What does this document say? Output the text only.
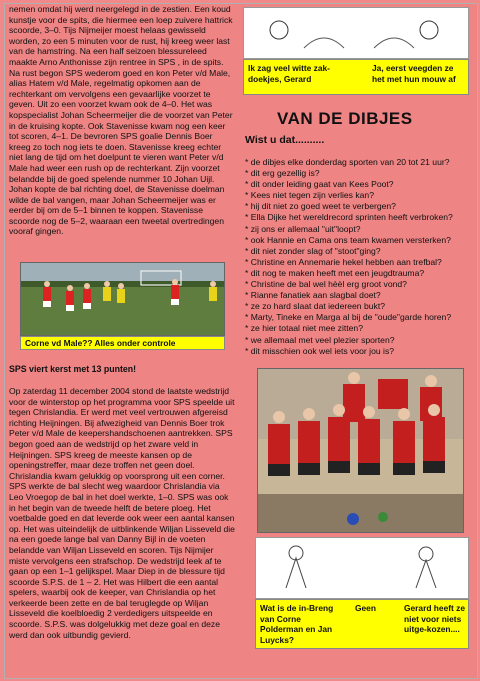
nemen omdat hij werd neergelegd in de zestien. Een koud kunstje voor de spits, die hiermee een loep zuivere hattrick scoorde, 3–0. Tijs Nijmeijer moest helaas gewisseld worden, zo een 5 minuten voor de rust, hij kreeg weer last van de hamstring. Na een half seizoen blessureleed maakte Arno Anthonisse zijn rentree in SPS , in de spits. Na rust begon SPS wederom goed en kon Peter v/d Male, alias Hatem v/d Male, regelmatig opkomen aan de rechterkant om vervolgens een gevaarlijke voorzet te geven. Uit zo een voorzet kwam ook de 4–0. Het was kopspecialist Johan Scheermeijer die de voorzet van Peter in de kruising kopte. Ook Stavenisse kwam nog een keer tot scoren, 4–1. De bevroren SPS goalie Dennis Boer kreeg zo toch nog iets te doen. Stavenisse kreeg echter niet lang de tijd om het doelpunt te vieren want Peter v/d Male had weer een rush op de rechterkant. Zijn voorzet belandde bij de goed spelende nummer 10 Johan Uijl. Johan kopte de bal richting doel, de Stavenisse doelman wilde de bal vangen, maar Johan Scheermeijer was er eerder bij om de 5–1 binnen te koppen. Stavenisse scoorde nog de 5–2, waaraan een tweetal overtredingen vooraf gingen.
Ik zag veel witte zak-doekjes, Gerard
Ja, eerst veegden ze het met hun mouw af
VAN DE DIBJES
Wist u dat..........
* de dibjes elke donderdag sporten van 20 tot 21 uur?
* dit erg gezellig is?
* dit onder leiding gaat van Kees Poot?
* Kees niet tegen zijn verlies kan?
* hij dit niet zo goed weet te verbergen?
* Ella Dijke het wereldrecord sprinten heeft verbroken?
* zij ons er allemaal "uit"loopt?
* ook Hannie en Cama ons team kwamen versterken?
* dit niet zonder slag of "stoot"ging?
* Christine en Annemarie hekel hebben aan trefbal?
* dit nog te maken heeft met een jeugdtrauma?
* Christine de bal wel hèèl erg groot vond?
* Rianne fanatiek aan slagbal doet?
* ze zo hard slaat dat iedereen bukt?
* Marty, Tineke en Marga al bij de "oude"garde horen?
* ze hier totaal niet mee zitten?
* we allemaal met veel plezier sporten?
* dit misschien ook wel iets voor jou is?
Corne vd Male?? Alles onder controle
SPS viert kerst met 13 punten!
Op zaterdag 11 december 2004 stond de laatste wedstrijd voor de winterstop op het programma voor SPS speelde uit tegen Chrislandia. Er werd met veel vertrouwen afgereisd richting Heijningen. Bij afwezigheid van Dennis Boer trok Peter v/d Male de keepershandschoenen aantrekken. SPS begon goed aan de wedstrijd op het zware veld in Heijningen. SPS kreeg de meeste kansen op de openingstreffer, maar deze troffen net geen doel. Chrislandia kwam gelukkig op voorsprong uit een corner. SPS werkte de bal slecht weg waardoor Chrislandia via Leo Vroegop de bal in het doel werkte, 1–0. SPS was ook in het begin van de tweede helft de betere ploeg. Het voetbalde goed en dat leverde ook weer een aantal kansen op. Het was uiteindelijk de uitblinkende Wiljan Lisseveld die na een goede lange bal van Danny Bijl in de voeten belandde van Wiljan Lisseveld en scoren. Tijs Nijmijer miste vervolgens een strafschop. De wedstrijd leek af te gaan op een 1–1 gelijkspel. Maar Diep in de blessure tijd scoorde S.P.S. de 1 – 2. Het was Hilbert die een aantal spelers, waarbij ook de keeper, van Chrislandia op het verkeerde been zette en de bal teruglegde op Wiljan Lisseveld die koelbloedig 2 verdedigers uitspeelde en scoorde. S.P.S. was dolgelukkig met deze goal en deze werd dan ook uitbundig gevierd.
Wat is de in-Breng van Corne Polderman en Jan Luycks?
Geen	Gerard heeft ze niet voor niets uitge-kozen....
